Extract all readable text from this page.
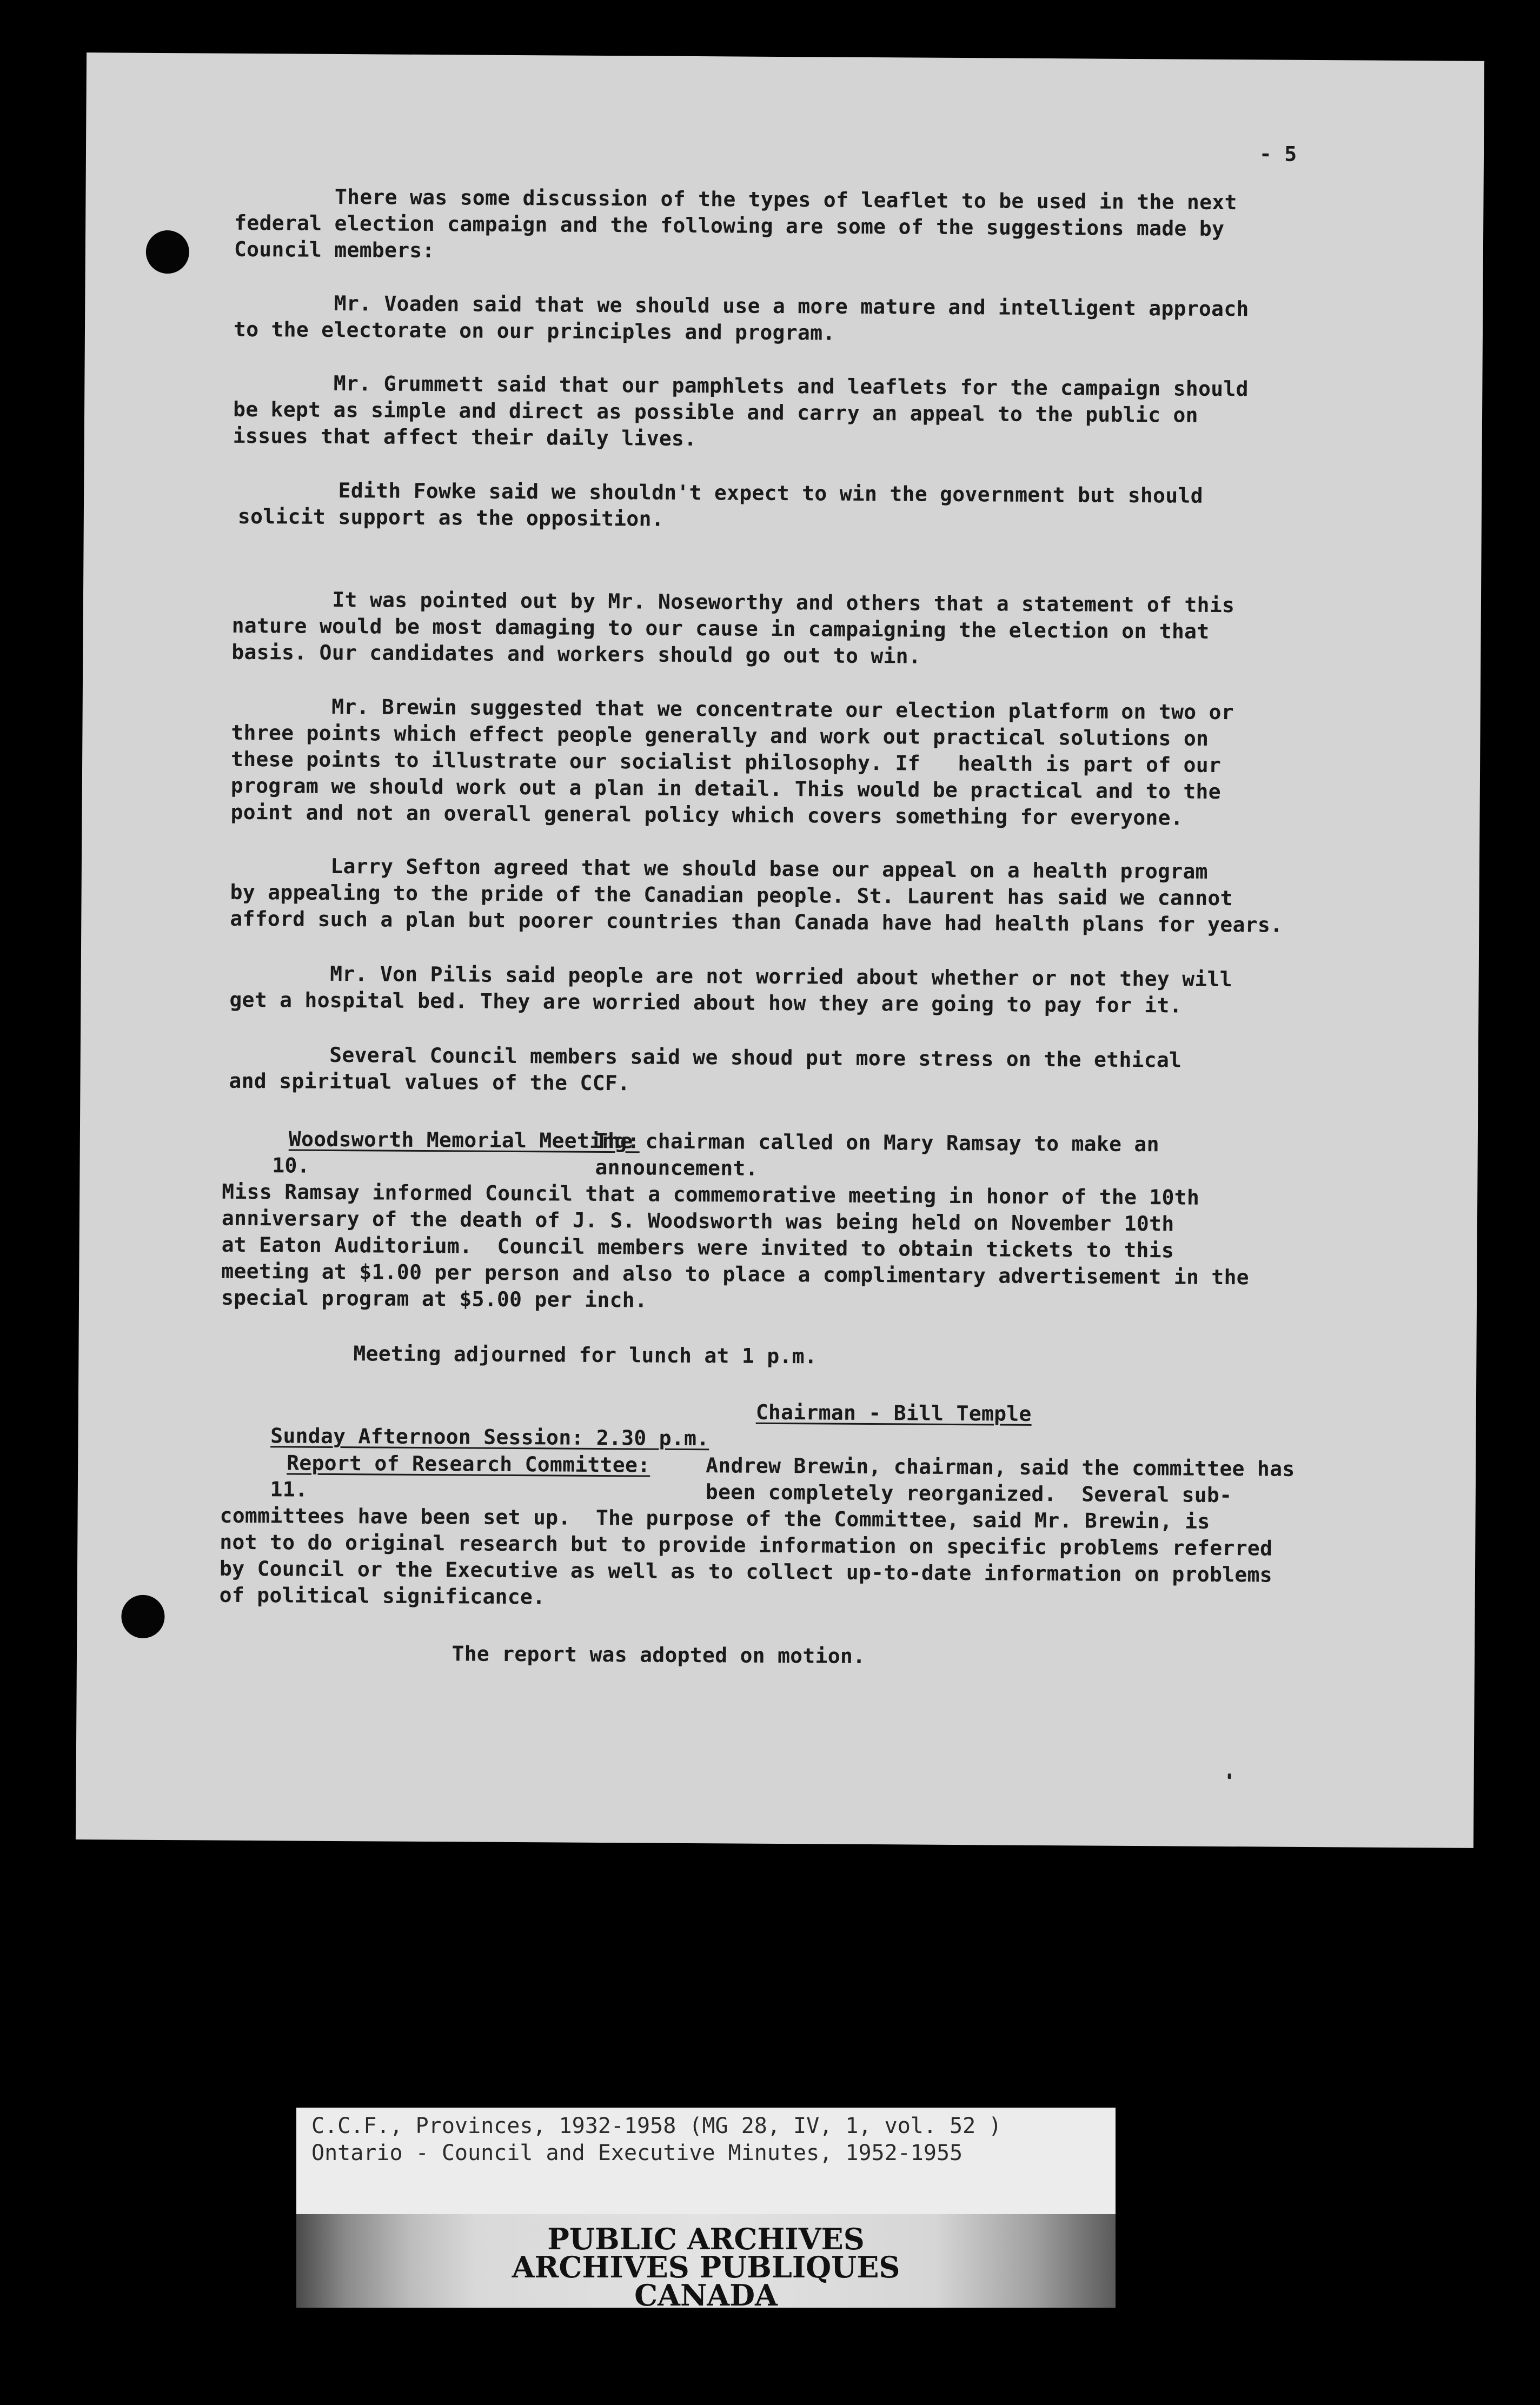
- 5
There was some discussion of the types of leaflet to be used in the next
federal election campaign and the following are some of the suggestions made by
Council members:
Mr. Voaden said that we should use a more mature and intelligent approach
to the electorate on our principles and program.
Mr. Grummett said that our pamphlets and leaflets for the campaign should
be kept as simple and direct as possible and carry an appeal to the public on
issues that affect their daily lives.
Edith Fowke said we shouldn't expect to win the government but should
solicit support as the opposition.
It was pointed out by Mr. Noseworthy and others that a statement of this
nature would be most damaging to our cause in campaigning the election on that
basis. Our candidates and workers should go out to win.
Mr. Brewin suggested that we concentrate our election platform on two or
three points which effect people generally and work out practical solutions on
these points to illustrate our socialist philosophy. If   health is part of our
program we should work out a plan in detail. This would be practical and to the
point and not an overall general policy which covers something for everyone.
Larry Sefton agreed that we should base our appeal on a health program
by appealing to the pride of the Canadian people. St. Laurent has said we cannot
afford such a plan but poorer countries than Canada have had health plans for years.
Mr. Von Pilis said people are not worried about whether or not they will
get a hospital bed. They are worried about how they are going to pay for it.
Several Council members said we shoud put more stress on the ethical
and spiritual values of the CCF.

10.

Woodsworth Memorial Meeting:

The chairman called on Mary Ramsay to make an
announcement.

Miss Ramsay informed Council that a commemorative meeting in honor of the 10th
anniversary of the death of J. S. Woodsworth was being held on November 10th
at Eaton Auditorium.  Council members were invited to obtain tickets to this
meeting at $1.00 per person and also to place a complimentary advertisement in the
special program at $5.00 per inch.
Meeting adjourned for lunch at 1 p.m.

Sunday Afternoon Session: 2.30 p.m.

Chairman - Bill Temple

11.

Report of Research Committee:

	Andrew Brewin, chairman, said the committee has
been completely reorganized.  Several sub-

committees have been set up.  The purpose of the Committee, said Mr. Brewin, is
not to do original research but to provide information on specific problems referred
by Council or the Executive as well as to collect up-to-date information on problems
of political significance.
The report was adopted on motion.
C.C.F., Provinces, 1932-1958 (MG 28, IV, 1, vol. 52 )
Ontario - Council and Executive Minutes, 1952-1955
PUBLIC ARCHIVES
ARCHIVES PUBLIQUES
CANADA
